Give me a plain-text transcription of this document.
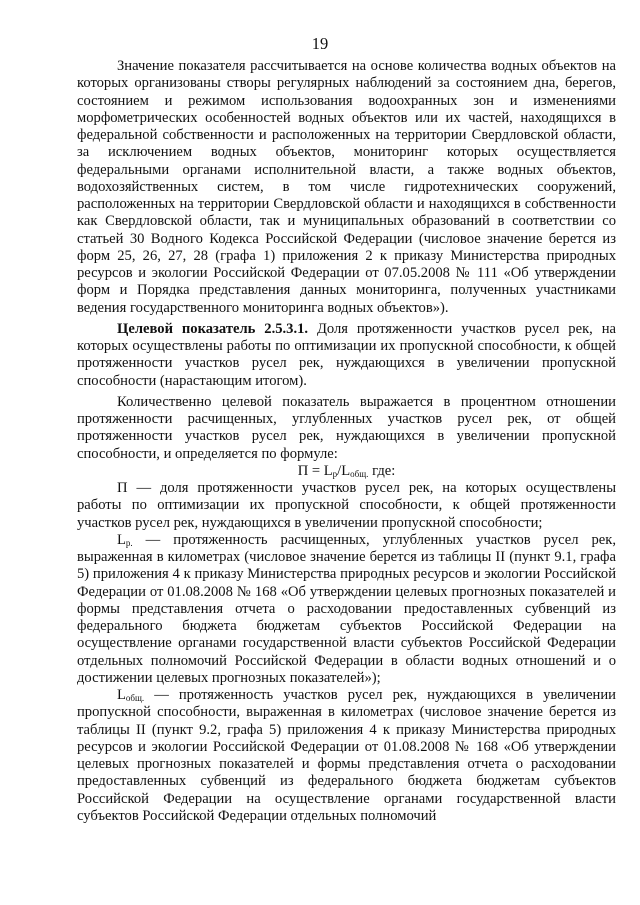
19

Значение показателя рассчитывается на основе количества водных объектов на которых организованы створы регулярных наблюдений за состоянием дна, берегов, состоянием и режимом использования водоохранных зон и изменениями морфометрических особенностей водных объектов или их частей, находящихся в федеральной собственности и расположенных на территории Свердловской области, за исключением водных объектов, мониторинг которых осуществляется федеральными органами исполнительной власти, а также водных объектов, водохозяйственных систем, в том числе гидротехнических сооружений, расположенных на территории Свердловской области и находящихся в собственности как Свердловской области, так и муниципальных образований в соответствии со статьей 30 Водного Кодекса Российской Федерации (числовое значение берется из форм 25, 26, 27, 28 (графа 1) приложения 2 к приказу Министерства природных ресурсов и экологии Российской Федерации от 07.05.2008 № 111 «Об утверждении форм и Порядка представления данных мониторинга, полученных участниками ведения государственного мониторинга водных объектов»).

Целевой показатель 2.5.3.1. Доля протяженности участков русел рек, на которых осуществлены работы по оптимизации их пропускной способности, к общей протяженности участков русел рек, нуждающихся в увеличении пропускной способности (нарастающим итогом).

Количественно целевой показатель выражается в процентном отношении протяженности расчищенных, углубленных участков русел рек, от общей протяженности участков русел рек, нуждающихся в увеличении пропускной способности, и определяется по формуле:

$П = L_р/L_{общ.}$ где:

П — доля протяженности участков русел рек, на которых осуществлены работы по оптимизации их пропускной способности, к общей протяженности участков русел рек, нуждающихся в увеличении пропускной способности;

$L_{р.}$ — протяженность расчищенных, углубленных участков русел рек, выраженная в километрах (числовое значение берется из таблицы II (пункт 9.1, графа 5) приложения 4 к приказу Министерства природных ресурсов и экологии Российской Федерации от 01.08.2008 № 168 «Об утверждении целевых прогнозных показателей и формы представления отчета о расходовании предоставленных субвенций из федерального бюджета бюджетам субъектов Российской Федерации на осуществление органами государственной власти субъектов Российской Федерации отдельных полномочий Российской Федерации в области водных отношений и о достижении целевых прогнозных показателей»);

$L_{общ.}$ — протяженность участков русел рек, нуждающихся в увеличении пропускной способности, выраженная в километрах (числовое значение берется из таблицы II (пункт 9.2, графа 5) приложения 4 к приказу Министерства природных ресурсов и экологии Российской Федерации от 01.08.2008 № 168 «Об утверждении целевых прогнозных показателей и формы представления отчета о расходовании предоставленных субвенций из федерального бюджета бюджетам субъектов Российской Федерации на осуществление органами государственной власти субъектов Российской Федерации отдельных полномочий
